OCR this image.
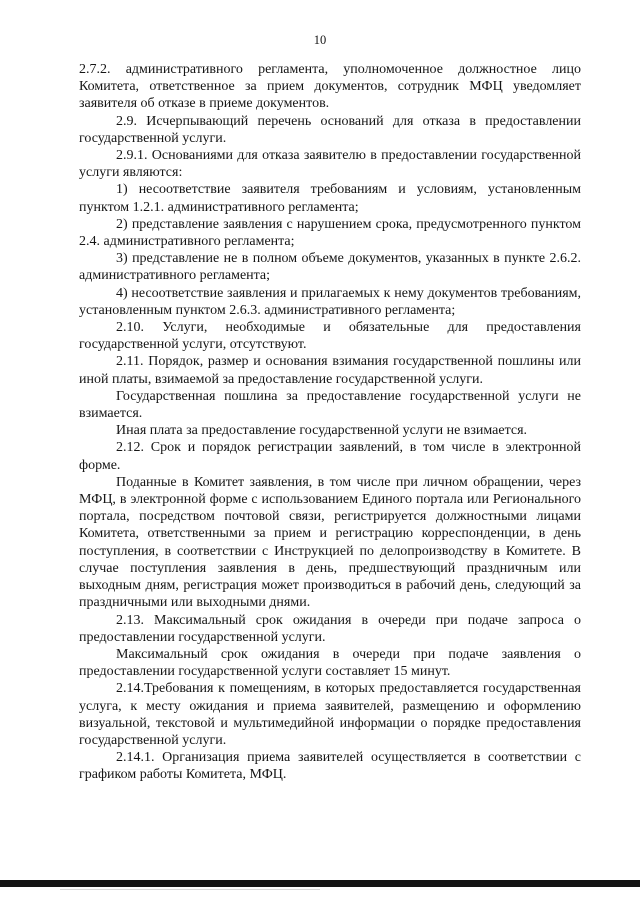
10

2.7.2. административного регламента, уполномоченное должностное лицо Комитета, ответственное за прием документов, сотрудник МФЦ уведомляет заявителя об отказе в приеме документов.

2.9. Исчерпывающий перечень оснований для отказа в предоставлении государственной услуги.

2.9.1. Основаниями для отказа заявителю в предоставлении государственной услуги являются:

1) несоответствие заявителя требованиям и условиям, установленным пунктом 1.2.1. административного регламента;

2) представление заявления с нарушением срока, предусмотренного пунктом 2.4. административного регламента;

3) представление не в полном объеме документов, указанных в пункте 2.6.2. административного регламента;

4) несоответствие заявления и прилагаемых к нему документов требованиям, установленным пунктом 2.6.3. административного регламента;

2.10. Услуги, необходимые и обязательные для предоставления государственной услуги, отсутствуют.

2.11. Порядок, размер и основания взимания государственной пошлины или иной платы, взимаемой за предоставление государственной услуги.

Государственная пошлина за предоставление государственной услуги не взимается.

Иная плата за предоставление государственной услуги не взимается.

2.12. Срок и порядок регистрации заявлений, в том числе в электронной форме.

Поданные в Комитет заявления, в том числе при личном обращении, через МФЦ, в электронной форме с использованием Единого портала или Регионального портала, посредством почтовой связи, регистрируется должностными лицами Комитета, ответственными за прием и регистрацию корреспонденции, в день поступления, в соответствии с Инструкцией по делопроизводству в Комитете. В случае поступления заявления в день, предшествующий праздничным или выходным дням, регистрация может производиться в рабочий день, следующий за праздничными или выходными днями.

2.13. Максимальный срок ожидания в очереди при подаче запроса о предоставлении государственной услуги.

Максимальный срок ожидания в очереди при подаче заявления о предоставлении государственной услуги составляет 15 минут.

2.14.Требования к помещениям, в которых предоставляется государственная услуга, к месту ожидания и приема заявителей, размещению и оформлению визуальной, текстовой и мультимедийной информации о порядке предоставления государственной услуги.

2.14.1. Организация приема заявителей осуществляется в соответствии с графиком работы Комитета, МФЦ.
